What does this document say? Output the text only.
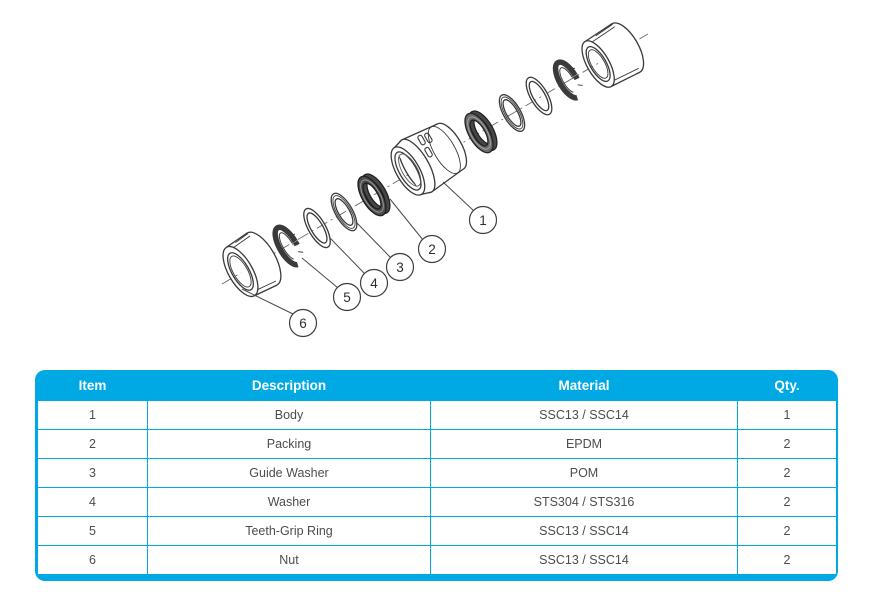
1
2
3
4
5
6
Item	Description	Material	Qty.
1	Body	SSC13 / SSC14	1
2	Packing	EPDM	2
3	Guide Washer	POM	2
4	Washer	STS304 / STS316	2
5	Teeth-Grip Ring	SSC13 / SSC14	2
6	Nut	SSC13 / SSC14	2
